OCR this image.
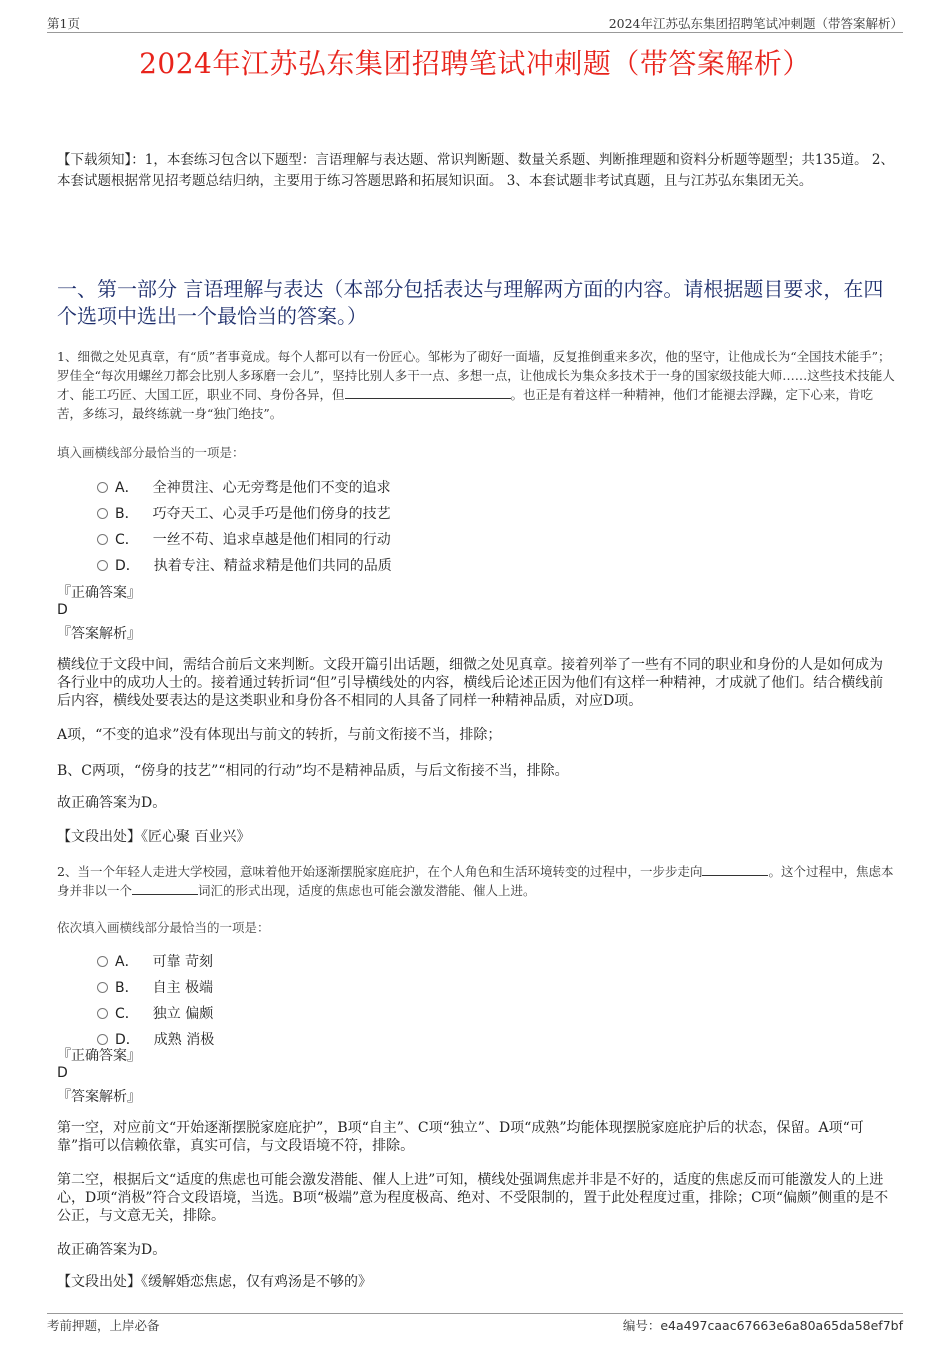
第1页	2024年江苏弘东集团招聘笔试冲刺题（带答案解析）
2024年江苏弘东集团招聘笔试冲刺题（带答案解析）

【下载须知】：1，本套练习包含以下题型：言语理解与表达题、常识判断题、数量关系题、判断推理题和资料分析题等题型；共135道。 2、本套试题根据常见招考题总结归纳，主要用于练习答题思路和拓展知识面。 3、本套试题非考试真题，且与江苏弘东集团无关。

一、第一部分 言语理解与表达（本部分包括表达与理解两方面的内容。请根据题目要求，在四个选项中选出一个最恰当的答案。）

1、细微之处见真章，有“质”者事竟成。每个人都可以有一份匠心。邹彬为了砌好一面墙，反复推倒重来多次，他的坚守，让他成长为“全国技术能手”；罗佳全“每次用螺丝刀都会比别人多琢磨一会儿”，坚持比别人多干一点、多想一点，让他成长为集众多技术于一身的国家级技能大师……这些技术技能人才、能工巧匠、大国工匠，职业不同、身份各异，但	。也正是有着这样一种精神，他们才能褪去浮躁，定下心来，肯吃苦，多练习，最终练就一身“独门绝技”。

填入画横线部分最恰当的一项是：
A． 全神贯注、心无旁骛是他们不变的追求
B． 巧夺天工、心灵手巧是他们傍身的技艺
C． 一丝不苟、追求卓越是他们相同的行动
D． 执着专注、精益求精是他们共同的品质
『正确答案』
D
『答案解析』

横线位于文段中间，需结合前后文来判断。文段开篇引出话题，细微之处见真章。接着列举了一些有不同的职业和身份的人是如何成为各行业中的成功人士的。接着通过转折词“但”引导横线处的内容，横线后论述正因为他们有这样一种精神，才成就了他们。结合横线前后内容，横线处要表达的是这类职业和身份各不相同的人具备了同样一种精神品质，对应D项。

A项，“不变的追求”没有体现出与前文的转折，与前文衔接不当，排除；

B、C两项，“傍身的技艺”“相同的行动”均不是精神品质，与后文衔接不当，排除。

故正确答案为D。

【文段出处】《匠心聚 百业兴》

2、当一个年轻人走进大学校园，意味着他开始逐渐摆脱家庭庇护，在个人角色和生活环境转变的过程中，一步步走向	。这个过程中，焦虑本身并非以一个	词汇的形式出现，适度的焦虑也可能会激发潜能、催人上进。

依次填入画横线部分最恰当的一项是：
A． 可靠 苛刻
B． 自主 极端
C． 独立 偏颇
D． 成熟 消极
『正确答案』
D
『答案解析』

第一空，对应前文“开始逐渐摆脱家庭庇护”，B项“自主”、C项“独立”、D项“成熟”均能体现摆脱家庭庇护后的状态，保留。A项“可靠”指可以信赖依靠，真实可信，与文段语境不符，排除。

第二空，根据后文“适度的焦虑也可能会激发潜能、催人上进”可知，横线处强调焦虑并非是不好的，适度的焦虑反而可能激发人的上进心，D项“消极”符合文段语境，当选。B项“极端”意为程度极高、绝对、不受限制的，置于此处程度过重，排除；C项“偏颇”侧重的是不公正，与文意无关，排除。

故正确答案为D。

【文段出处】《缓解婚恋焦虑，仅有鸡汤是不够的》

考前押题，上岸必备	编号：e4a497caac67663e6a80a65da58ef7bf
